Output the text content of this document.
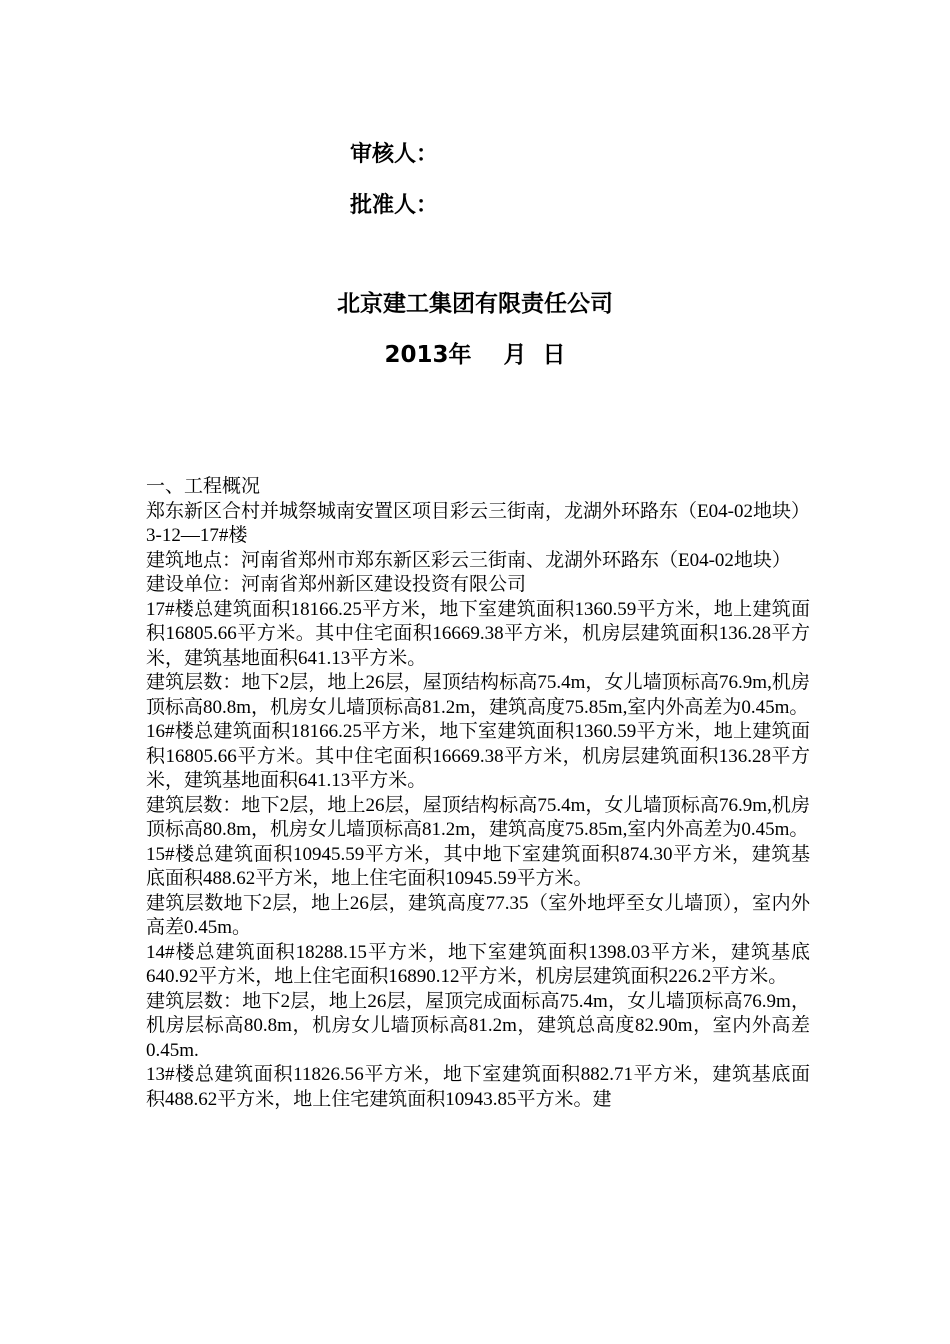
审核人：
批准人：
北京建工集团有限责任公司
2013年    月  日

一、工程概况

郑东新区合村并城祭城南安置区项目彩云三街南，龙湖外环路东（E04-02地块）3-12—17#楼

建筑地点：河南省郑州市郑东新区彩云三街南、龙湖外环路东（E04-02地块）

建设单位：河南省郑州新区建设投资有限公司

17#楼总建筑面积18166.25平方米，地下室建筑面积1360.59平方米，地上建筑面积16805.66平方米。其中住宅面积16669.38平方米，机房层建筑面积136.28平方米，建筑基地面积641.13平方米。

建筑层数：地下2层，地上26层，屋顶结构标高75.4m，女儿墙顶标高76.9m,机房顶标高80.8m，机房女儿墙顶标高81.2m，建筑高度75.85m,室内外高差为0.45m。

16#楼总建筑面积18166.25平方米，地下室建筑面积1360.59平方米，地上建筑面积16805.66平方米。其中住宅面积16669.38平方米，机房层建筑面积136.28平方米，建筑基地面积641.13平方米。

建筑层数：地下2层，地上26层，屋顶结构标高75.4m，女儿墙顶标高76.9m,机房顶标高80.8m，机房女儿墙顶标高81.2m，建筑高度75.85m,室内外高差为0.45m。

15#楼总建筑面积10945.59平方米，其中地下室建筑面积874.30平方米，建筑基底面积488.62平方米，地上住宅面积10945.59平方米。

建筑层数地下2层，地上26层，建筑高度77.35（室外地坪至女儿墙顶），室内外高差0.45m。

14#楼总建筑面积18288.15平方米，地下室建筑面积1398.03平方米，建筑基底640.92平方米，地上住宅面积16890.12平方米，机房层建筑面积226.2平方米。

建筑层数：地下2层，地上26层，屋顶完成面标高75.4m，女儿墙顶标高76.9m，机房层标高80.8m，机房女儿墙顶标高81.2m，建筑总高度82.90m，室内外高差0.45m.

13#楼总建筑面积11826.56平方米，地下室建筑面积882.71平方米，建筑基底面积488.62平方米，地上住宅建筑面积10943.85平方米。建
